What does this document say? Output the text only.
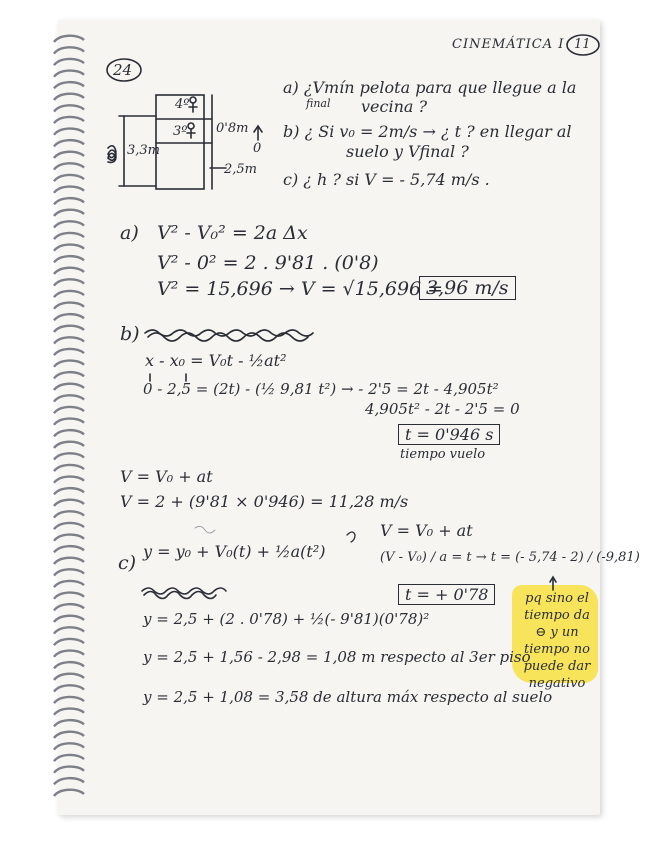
CINEMÁTICA I 11
24
4º
3º
3,3m
0'8m
2,5m
0
a) ¿Vmín pelota para que llegue a la
vecina ?
final
b) ¿ Si v₀ = 2m/s → ¿ t ? en llegar al
suelo y Vfinal ?
c) ¿ h ? si V = - 5,74 m/s .
a) V² - V₀² = 2a Δx
V² - 0² = 2 . 9'81 . (0'8)
V² = 15,696 → V = √15,696 =
3,96 m/s
b)
x - x₀ = V₀t - ½at²
0 - 2,5 = (2t) - (½ 9,81 t²) → - 2'5 = 2t - 4,905t²
4,905t² - 2t - 2'5 = 0
t = 0'946 s
tiempo vuelo
V = V₀ + at
V = 2 + (9'81 × 0'946) = 11,28 m/s
c)
y = y₀ + V₀(t) + ½a(t²)
V = V₀ + at
(V - V₀) / a = t → t = (- 5,74 - 2) / (-9,81)
t = + 0'78
y = 2,5 + (2 . 0'78) + ½(- 9'81)(0'78)²
y = 2,5 + 1,56 - 2,98 = 1,08 m respecto al 3er piso
y = 2,5 + 1,08 = 3,58 de altura máx respecto al suelo
pq sino el tiempo da ⊖ y un tiempo no puede dar negativo
